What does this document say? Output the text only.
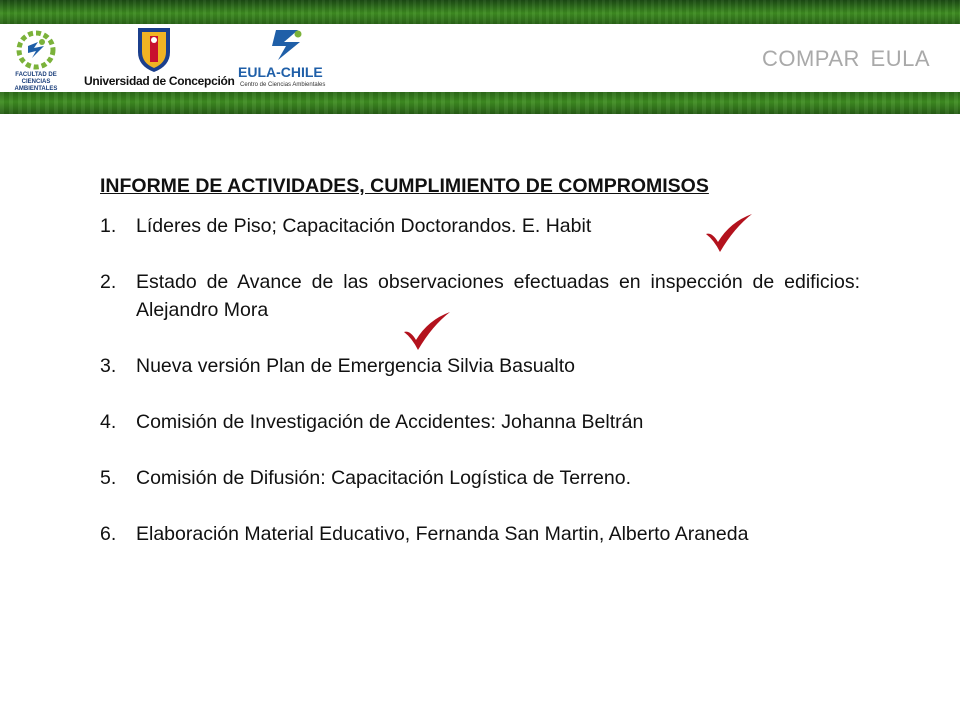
FACULTAD DE CIENCIAS AMBIENTALES
Universidad de Concepción
EULA-CHILE
Centro de Ciencias Ambientales
COMPAR EULA
INFORME DE ACTIVIDADES, CUMPLIMIENTO DE COMPROMISOS
1. Líderes de Piso; Capacitación Doctorandos. E. Habit
2. Estado de Avance de las observaciones efectuadas en inspección de edificios: Alejandro Mora
3. Nueva versión Plan de Emergencia Silvia Basualto
4. Comisión de Investigación de Accidentes: Johanna Beltrán
5. Comisión de Difusión: Capacitación Logística de Terreno.
6. Elaboración Material Educativo, Fernanda San Martin, Alberto Araneda
